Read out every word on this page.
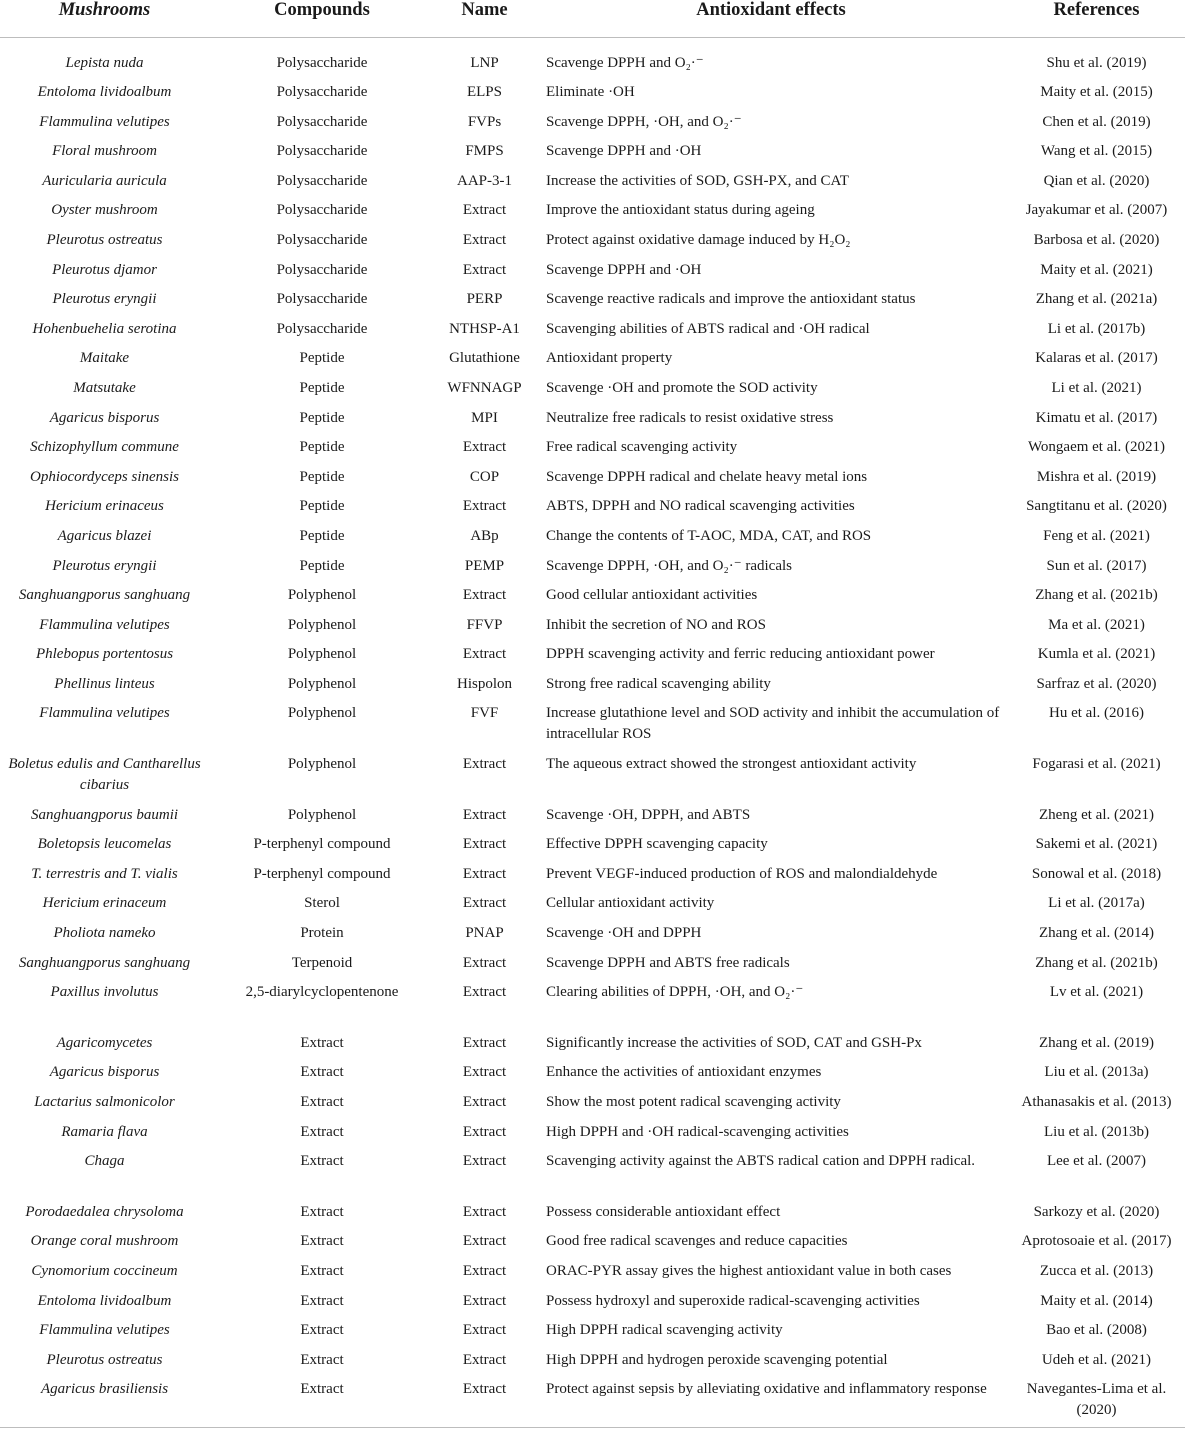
Mushrooms	Compounds	Name	Antioxidant effects	References
Lepista nuda	Polysaccharide	LNP	Scavenge DPPH and O₂·⁻	Shu et al. (2019)
Entoloma lividoalbum	Polysaccharide	ELPS	Eliminate ·OH	Maity et al. (2015)
Flammulina velutipes	Polysaccharide	FVPs	Scavenge DPPH, ·OH, and O₂·⁻	Chen et al. (2019)
Floral mushroom	Polysaccharide	FMPS	Scavenge DPPH and ·OH	Wang et al. (2015)
Auricularia auricula	Polysaccharide	AAP-3-1	Increase the activities of SOD, GSH-PX, and CAT	Qian et al. (2020)
Oyster mushroom	Polysaccharide	Extract	Improve the antioxidant status during ageing	Jayakumar et al. (2007)
Pleurotus ostreatus	Polysaccharide	Extract	Protect against oxidative damage induced by H₂O₂	Barbosa et al. (2020)
Pleurotus djamor	Polysaccharide	Extract	Scavenge DPPH and ·OH	Maity et al. (2021)
Pleurotus eryngii	Polysaccharide	PERP	Scavenge reactive radicals and improve the antioxidant status	Zhang et al. (2021a)
Hohenbuehelia serotina	Polysaccharide	NTHSP-A1	Scavenging abilities of ABTS radical and ·OH radical	Li et al. (2017b)
Maitake	Peptide	Glutathione	Antioxidant property	Kalaras et al. (2017)
Matsutake	Peptide	WFNNAGP	Scavenge ·OH and promote the SOD activity	Li et al. (2021)
Agaricus bisporus	Peptide	MPI	Neutralize free radicals to resist oxidative stress	Kimatu et al. (2017)
Schizophyllum commune	Peptide	Extract	Free radical scavenging activity	Wongaem et al. (2021)
Ophiocordyceps sinensis	Peptide	COP	Scavenge DPPH radical and chelate heavy metal ions	Mishra et al. (2019)
Hericium erinaceus	Peptide	Extract	ABTS, DPPH and NO radical scavenging activities	Sangtitanu et al. (2020)
Agaricus blazei	Peptide	ABp	Change the contents of T-AOC, MDA, CAT, and ROS	Feng et al. (2021)
Pleurotus eryngii	Peptide	PEMP	Scavenge DPPH, ·OH, and O₂·⁻ radicals	Sun et al. (2017)
Sanghuangporus sanghuang	Polyphenol	Extract	Good cellular antioxidant activities	Zhang et al. (2021b)
Flammulina velutipes	Polyphenol	FFVP	Inhibit the secretion of NO and ROS	Ma et al. (2021)
Phlebopus portentosus	Polyphenol	Extract	DPPH scavenging activity and ferric reducing antioxidant power	Kumla et al. (2021)
Phellinus linteus	Polyphenol	Hispolon	Strong free radical scavenging ability	Sarfraz et al. (2020)
Flammulina velutipes	Polyphenol	FVF	Increase glutathione level and SOD activity and inhibit the accumulation of intracellular ROS	Hu et al. (2016)
Boletus edulis and Cantharellus cibarius	Polyphenol	Extract	The aqueous extract showed the strongest antioxidant activity	Fogarasi et al. (2021)
Sanghuangporus baumii	Polyphenol	Extract	Scavenge ·OH, DPPH, and ABTS	Zheng et al. (2021)
Boletopsis leucomelas	P-terphenyl compound	Extract	Effective DPPH scavenging capacity	Sakemi et al. (2021)
T. terrestris and T. vialis	P-terphenyl compound	Extract	Prevent VEGF-induced production of ROS and malondialdehyde	Sonowal et al. (2018)
Hericium erinaceum	Sterol	Extract	Cellular antioxidant activity	Li et al. (2017a)
Pholiota nameko	Protein	PNAP	Scavenge ·OH and DPPH	Zhang et al. (2014)
Sanghuangporus sanghuang	Terpenoid	Extract	Scavenge DPPH and ABTS free radicals	Zhang et al. (2021b)
Paxillus involutus	2,5-diarylcyclopentenone	Extract	Clearing abilities of DPPH, ·OH, and O₂·⁻	Lv et al. (2021)
Agaricomycetes	Extract	Extract	Significantly increase the activities of SOD, CAT and GSH-Px	Zhang et al. (2019)
Agaricus bisporus	Extract	Extract	Enhance the activities of antioxidant enzymes	Liu et al. (2013a)
Lactarius salmonicolor	Extract	Extract	Show the most potent radical scavenging activity	Athanasakis et al. (2013)
Ramaria flava	Extract	Extract	High DPPH and ·OH radical-scavenging activities	Liu et al. (2013b)
Chaga	Extract	Extract	Scavenging activity against the ABTS radical cation and DPPH radical.	Lee et al. (2007)
Porodaedalea chrysoloma	Extract	Extract	Possess considerable antioxidant effect	Sarkozy et al. (2020)
Orange coral mushroom	Extract	Extract	Good free radical scavenges and reduce capacities	Aprotosoaie et al. (2017)
Cynomorium coccineum	Extract	Extract	ORAC-PYR assay gives the highest antioxidant value in both cases	Zucca et al. (2013)
Entoloma lividoalbum	Extract	Extract	Possess hydroxyl and superoxide radical-scavenging activities	Maity et al. (2014)
Flammulina velutipes	Extract	Extract	High DPPH radical scavenging activity	Bao et al. (2008)
Pleurotus ostreatus	Extract	Extract	High DPPH and hydrogen peroxide scavenging potential	Udeh et al. (2021)
Agaricus brasiliensis	Extract	Extract	Protect against sepsis by alleviating oxidative and inflammatory response	Navegantes-Lima et al. (2020)
